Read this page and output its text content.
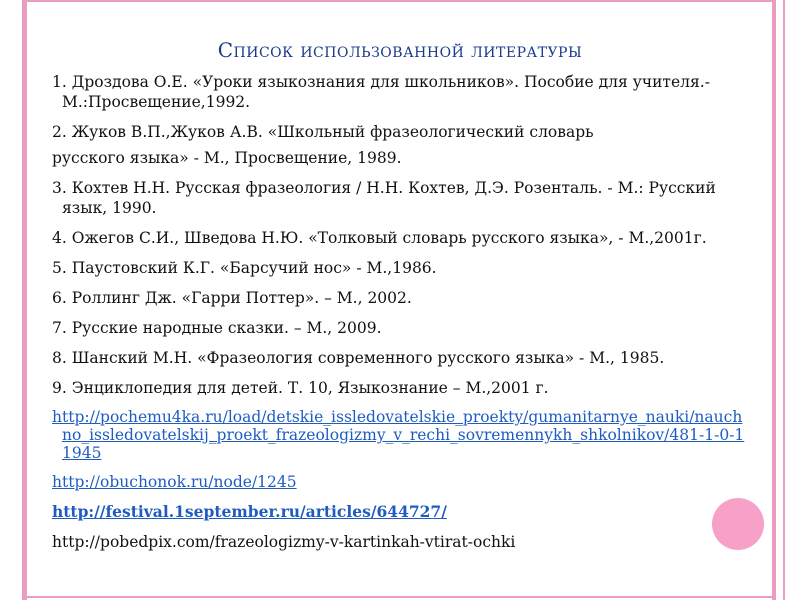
Список использованной литературы
1. Дроздова О.Е. «Уроки языкознания для школьников». Пособие для учителя.- М.:Просвещение,1992.
2. Жуков В.П.,Жуков А.В. «Школьный фразеологический словарь
русского языка» - М., Просвещение, 1989.
3. Кохтев Н.Н. Русская фразеология / Н.Н. Кохтев, Д.Э. Розенталь. - М.: Русский язык, 1990.
4. Ожегов С.И., Шведова Н.Ю. «Толковый словарь русского языка», - М.,2001г.
5. Паустовский К.Г. «Барсучий нос» - М.,1986.
6. Роллинг Дж. «Гарри Поттер». – М., 2002.
7. Русские народные сказки. – М., 2009.
8. Шанский М.Н. «Фразеология современного русского языка» - М., 1985.
9. Энциклопедия для детей. Т. 10, Языкознание – М.,2001 г.
http://pochemu4ka.ru/load/detskie_issledovatelskie_proekty/gumanitarnye_nauki/nauchno_issledovatelskij_proekt_frazeologizmy_v_rechi_sovremennykh_shkolnikov/481-1-0-11945
http://obuchonok.ru/node/1245
http://festival.1september.ru/articles/644727/
http://pobedpix.com/frazeologizmy-v-kartinkah-vtirat-ochki
